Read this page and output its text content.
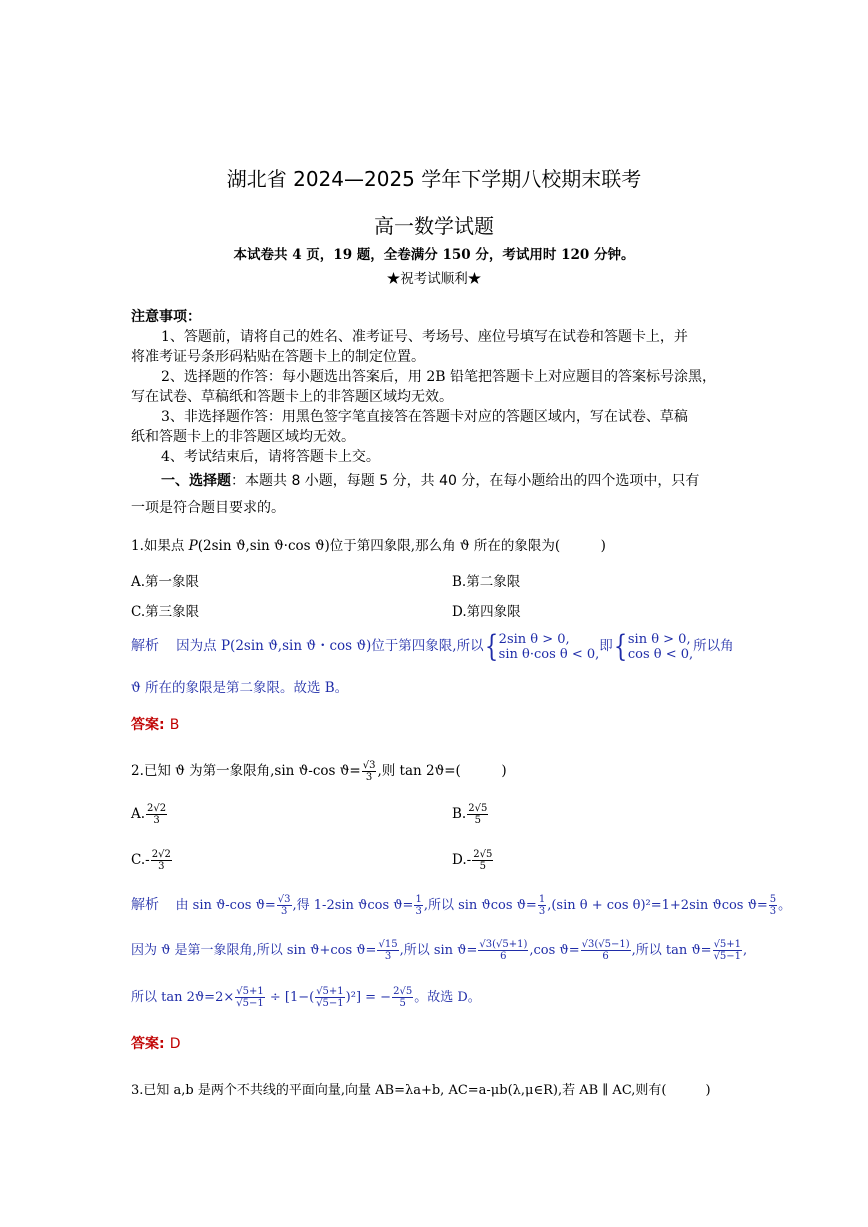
湖北省 2024—2025 学年下学期八校期末联考
高一数学试题
本试卷共 4 页，19 题，全卷满分 150 分，考试用时 120 分钟。
★祝考试顺利★
注意事项：
1、答题前，请将自己的姓名、准考证号、考场号、座位号填写在试卷和答题卡上，并
将准考证号条形码粘贴在答题卡上的制定位置。
2、选择题的作答：每小题选出答案后，用 2B 铅笔把答题卡上对应题目的答案标号涂黑，
写在试卷、草稿纸和答题卡上的非答题区域均无效。
3、非选择题作答：用黑色签字笔直接答在答题卡对应的答题区域内，写在试卷、草稿
纸和答题卡上的非答题区域均无效。
4、考试结束后，请将答题卡上交。
一、选择题：本题共 8 小题，每题 5 分，共 40 分，在每小题给出的四个选项中，只有
一项是符合题目要求的。
1.如果点 P(2sin ϑ,sin ϑ·cos ϑ)位于第四象限,那么角 ϑ 所在的象限为(　　　)
A.第一象限	B.第二象限
C.第三象限	D.第四象限
解析 因为点 P(2sin ϑ,sin ϑ・cos ϑ)位于第四象限,所以{ 2sin θ > 0,
sin θ·cos θ < 0, 即{ sin θ > 0,
cos θ < 0, 所以角
ϑ 所在的象限是第二象限。故选 B。
答案: B
2.已知 ϑ 为第一象限角,sin ϑ-cos $ϑ= \frac{√3}{3}$ ,则 tan 2ϑ=(　　　)
A. $\frac{2√2}{3}$	B. $\frac{2√5}{5}$
$C.- \frac{2√2}{3}$	$D.- \frac{2√5}{5}$
解析 由 sin ϑ-cos $ϑ= \frac{√3}{3}$ ,得 1-2sin ϑcos $ϑ= \frac{1}{3}$ ,所以 sin ϑcos $ϑ= \frac{1}{3} ,(\sin$ θ + cos θ)²=1+2sin ϑcos $ϑ= \frac{5}{3}$ 。
因为 ϑ 是第一象限角,所以 sin ϑ+cos $ϑ= \frac{√15}{3}$ ,所以 $\sin ϑ= \frac{√3(√5+1)}{6} ,\cos$ $ϑ= \frac{√3(√5-1)}{6}$ ,所以 $\tan ϑ= \frac{√5+1}{√5-1}$ ,
所以 $\tan 2ϑ=2\times \frac{√5+1}{√5-1} \div [1-( \frac{√5+1}{√5-1} )^2]$ = − $\frac{2√5}{5}$ 。故选 D。
答案: D
3.已知 a,b 是两个不共线的平面向量,向量 AB=λa+b, AC=a-μb(λ,μ∈R),若 AB ∥ AC,则有(　　　)
